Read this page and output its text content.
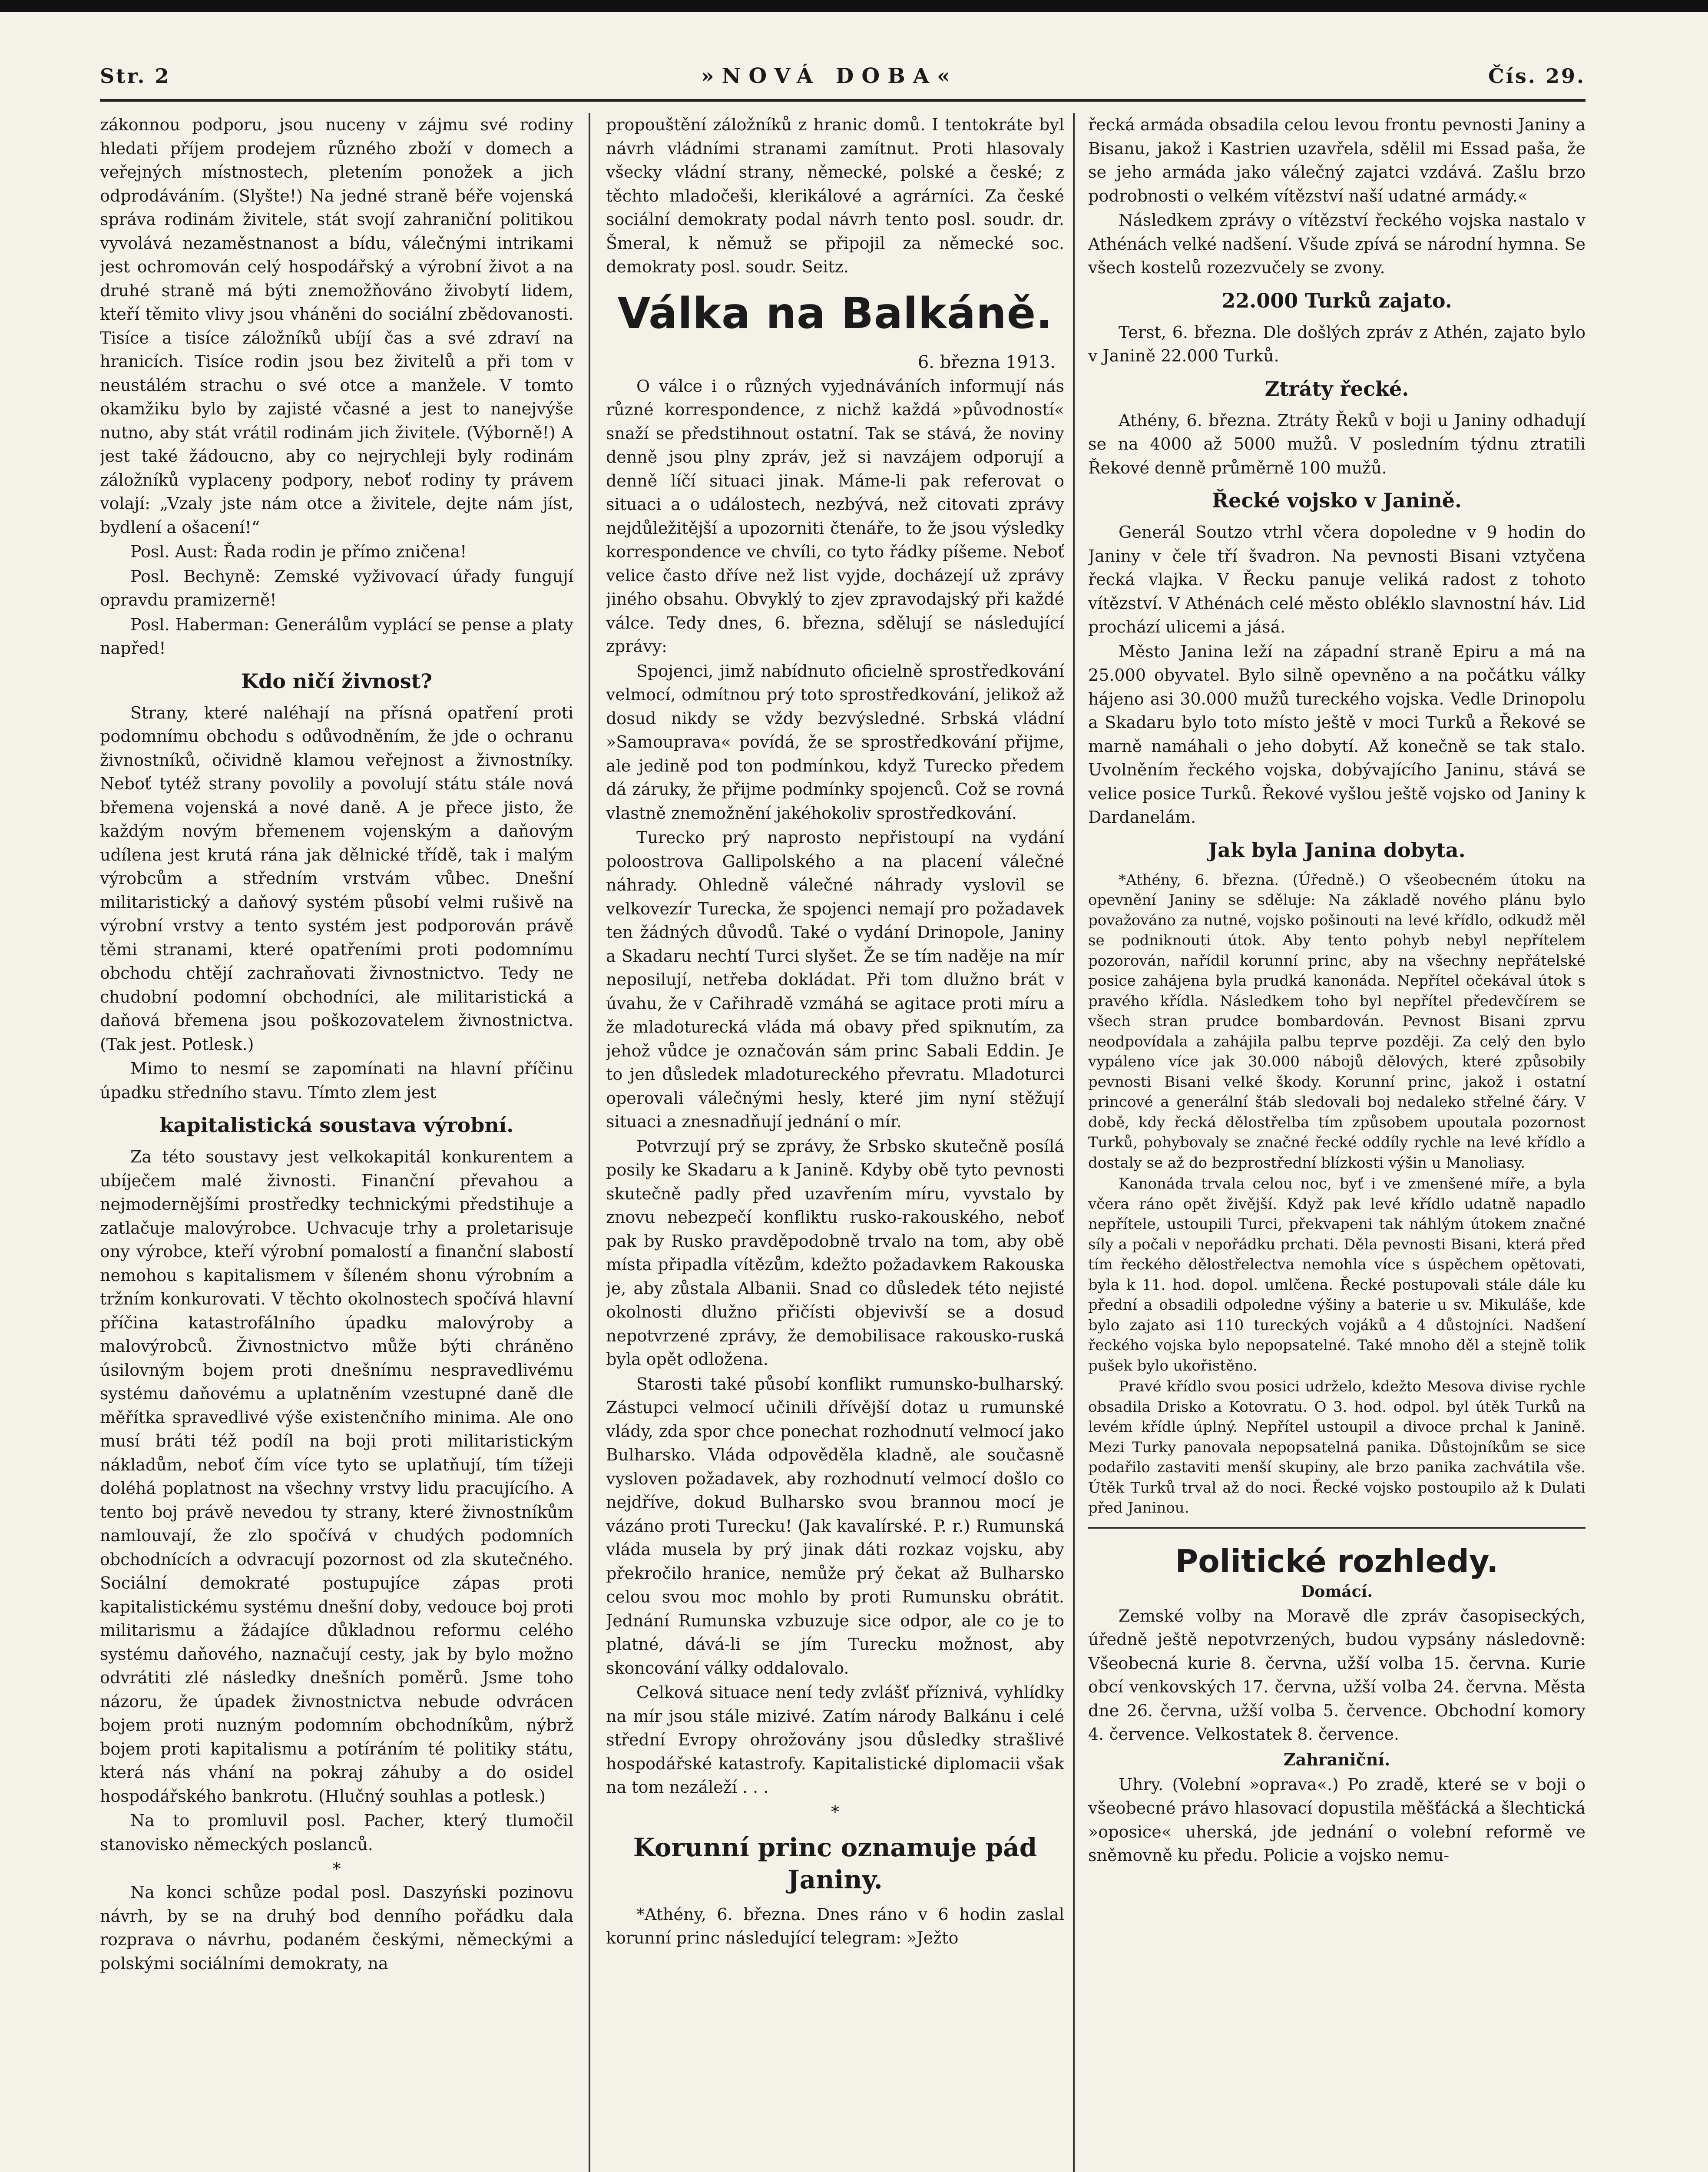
Str. 2	»NOVÁ DOBA«	Čís. 29.

zákonnou podporu, jsou nuceny v zájmu své rodiny hledati příjem prodejem různého zboží v domech a veřejných místnostech, pletením ponožek a jich odprodáváním. (Slyšte!) Na jedné straně béře vojenská správa rodinám živitele, stát svojí zahraniční politikou vyvolává nezaměstnanost a bídu, válečnými intrikami jest ochromován celý hospodářský a výrobní život a na druhé straně má býti znemožňováno živobytí lidem, kteří těmito vlivy jsou vháněni do sociální zbědovanosti. Tisíce a tisíce záložníků ubíjí čas a své zdraví na hranicích. Tisíce rodin jsou bez živitelů a při tom v neustálém strachu o své otce a manžele. V tomto okamžiku bylo by zajisté včasné a jest to nanejvýše nutno, aby stát vrátil rodinám jich živitele. (Výborně!) A jest také žádoucno, aby co nejrychleji byly rodinám záložníků vyplaceny podpory, neboť rodiny ty právem volají: „Vzaly jste nám otce a živitele, dejte nám jíst, bydlení a ošacení!“

Posl. Aust: Řada rodin je přímo zničena!

Posl. Bechyně: Zemské vyživovací úřady fungují opravdu pramizerně!

Posl. Haberman: Generálům vyplácí se pense a platy napřed!

Kdo ničí živnost?

Strany, které naléhají na přísná opatření proti podomnímu obchodu s odůvodněním, že jde o ochranu živnostníků, očividně klamou veřejnost a živnostníky. Neboť tytéž strany povolily a povolují státu stále nová břemena vojenská a nové daně. A je přece jisto, že každým novým břemenem vojenským a daňovým udílena jest krutá rána jak dělnické třídě, tak i malým výrobcům a středním vrstvám vůbec. Dnešní militaristický a daňový systém působí velmi rušivě na výrobní vrstvy a tento systém jest podporován právě těmi stranami, které opatřeními proti podomnímu obchodu chtějí zachraňovati živnostnictvo. Tedy ne chudobní podomní obchodníci, ale militaristická a daňová břemena jsou poškozovatelem živnostnictva. (Tak jest. Potlesk.)

Mimo to nesmí se zapomínati na hlavní příčinu úpadku středního stavu. Tímto zlem jest

kapitalistická soustava výrobní.

Za této soustavy jest velkokapitál konkurentem a ubíječem malé živnosti. Finanční převahou a nejmodernějšími prostředky technickými předstihuje a zatlačuje malovýrobce. Uchvacuje trhy a proletarisuje ony výrobce, kteří výrobní pomalostí a finanční slabostí nemohou s kapitalismem v šíleném shonu výrobním a tržním konkurovati. V těchto okolnostech spočívá hlavní příčina katastrofálního úpadku malovýroby a malovýrobců. Živnostnictvo může býti chráněno úsilovným bojem proti dnešnímu nespravedlivému systému daňovému a uplatněním vzestupné daně dle měřítka spravedlivé výše existenčního minima. Ale ono musí bráti též podíl na boji proti militaristickým nákladům, neboť čím více tyto se uplatňují, tím tížeji doléhá poplatnost na všechny vrstvy lidu pracujícího. A tento boj právě nevedou ty strany, které živnostníkům namlouvají, že zlo spočívá v chudých podomních obchodnících a odvracují pozornost od zla skutečného. Sociální demokraté postupujíce zápas proti kapitalistickému systému dnešní doby, vedouce boj proti militarismu a žádajíce důkladnou reformu celého systému daňového, naznačují cesty, jak by bylo možno odvrátiti zlé následky dnešních poměrů. Jsme toho názoru, že úpadek živnostnictva nebude odvrácen bojem proti nuzným podomním obchodníkům, nýbrž bojem proti kapitalismu a potíráním té politiky státu, která nás vhání na pokraj záhuby a do osidel hospodářského bankrotu. (Hlučný souhlas a potlesk.)

Na to promluvil posl. Pacher, který tlumočil stanovisko německých poslanců.

*

Na konci schůze podal posl. Daszyński pozinovu návrh, by se na druhý bod denního pořádku dala rozprava o návrhu, podaném českými, německými a polskými sociálními demokraty, na

propouštění záložníků z hranic domů. I tentokráte byl návrh vládními stranami zamítnut. Proti hlasovaly všecky vládní strany, německé, polské a české; z těchto mladočeši, klerikálové a agrárníci. Za české sociální demokraty podal návrh tento posl. soudr. dr. Šmeral, k němuž se připojil za německé soc. demokraty posl. soudr. Seitz.

Válka na Balkáně.
6. března 1913.

O válce i o různých vyjednáváních informují nás různé korrespondence, z nichž každá »původností« snaží se předstihnout ostatní. Tak se stává, že noviny denně jsou plny zpráv, jež si navzájem odporují a denně líčí situaci jinak. Máme-li pak referovat o situaci a o událostech, nezbývá, než citovati zprávy nejdůležitější a upozorniti čtenáře, to že jsou výsledky korrespondence ve chvíli, co tyto řádky píšeme. Neboť velice často dříve než list vyjde, docházejí už zprávy jiného obsahu. Obvyklý to zjev zpravodajský při každé válce. Tedy dnes, 6. března, sdělují se následující zprávy:

Spojenci, jimž nabídnuto oficielně sprostředkování velmocí, odmítnou prý toto sprostředkování, jelikož až dosud nikdy se vždy bezvýsledné. Srbská vládní »Samouprava« povídá, že se sprostředkování přijme, ale jedině pod ton podmínkou, když Turecko předem dá záruky, že přijme podmínky spojenců. Což se rovná vlastně znemožnění jakéhokoliv sprostředkování.

Turecko prý naprosto nepřistoupí na vydání poloostrova Gallipolského a na placení válečné náhrady. Ohledně válečné náhrady vyslovil se velkovezír Turecka, že spojenci nemají pro požadavek ten žádných důvodů. Také o vydání Drinopole, Janiny a Skadaru nechtí Turci slyšet. Že se tím naděje na mír neposilují, netřeba dokládat. Při tom dlužno brát v úvahu, že v Cařihradě vzmáhá se agitace proti míru a že mladoturecká vláda má obavy před spiknutím, za jehož vůdce je označován sám princ Sabali Eddin. Je to jen důsledek mladotureckého převratu. Mladoturci operovali válečnými hesly, které jim nyní stěžují situaci a znesnadňují jednání o mír.

Potvrzují prý se zprávy, že Srbsko skutečně posílá posily ke Skadaru a k Janině. Kdyby obě tyto pevnosti skutečně padly před uzavřením míru, vyvstalo by znovu nebezpečí konfliktu rusko-rakouského, neboť pak by Rusko pravděpodobně trvalo na tom, aby obě místa připadla vítězům, kdežto požadavkem Rakouska je, aby zůstala Albanii. Snad co důsledek této nejisté okolnosti dlužno přičísti objevivší se a dosud nepotvrzené zprávy, že demobilisace rakousko-ruská byla opět odložena.

Starosti také působí konflikt rumunsko-bulharský. Zástupci velmocí učinili dřívější dotaz u rumunské vlády, zda spor chce ponechat rozhodnutí velmocí jako Bulharsko. Vláda odpověděla kladně, ale současně vysloven požadavek, aby rozhodnutí velmocí došlo co nejdříve, dokud Bulharsko svou brannou mocí je vázáno proti Turecku! (Jak kavalírské. P. r.) Rumunská vláda musela by prý jinak dáti rozkaz vojsku, aby překročilo hranice, nemůže prý čekat až Bulharsko celou svou moc mohlo by proti Rumunsku obrátit. Jednání Rumunska vzbuzuje sice odpor, ale co je to platné, dává-li se jím Turecku možnost, aby skoncování války oddalovalo.

Celková situace není tedy zvlášť příznivá, vyhlídky na mír jsou stále mizivé. Zatím národy Balkánu i celé střední Evropy ohrožovány jsou důsledky strašlivé hospodářské katastrofy. Kapitalistické diplomacii však na tom nezáleží . . .

*
Korunní princ oznamuje pád Janiny.

*Athény, 6. března. Dnes ráno v 6 hodin zaslal korunní princ následující telegram: »Ježto

řecká armáda obsadila celou levou frontu pevnosti Janiny a Bisanu, jakož i Kastrien uzavřela, sdělil mi Essad paša, že se jeho armáda jako válečný zajatci vzdává. Zašlu brzo podrobnosti o velkém vítězství naší udatné armády.«

Následkem zprávy o vítězství řeckého vojska nastalo v Athénách velké nadšení. Všude zpívá se národní hymna. Se všech kostelů rozezvučely se zvony.

22.000 Turků zajato.

Terst, 6. března. Dle došlých zpráv z Athén, zajato bylo v Janině 22.000 Turků.

Ztráty řecké.

Athény, 6. března. Ztráty Řeků v boji u Janiny odhadují se na 4000 až 5000 mužů. V posledním týdnu ztratili Řekové denně průměrně 100 mužů.

Řecké vojsko v Janině.

Generál Soutzo vtrhl včera dopoledne v 9 hodin do Janiny v čele tří švadron. Na pevnosti Bisani vztyčena řecká vlajka. V Řecku panuje veliká radost z tohoto vítězství. V Athénách celé město obléklo slavnostní háv. Lid prochází ulicemi a jásá.

Město Janina leží na západní straně Epiru a má na 25.000 obyvatel. Bylo silně opevněno a na počátku války hájeno asi 30.000 mužů tureckého vojska. Vedle Drinopolu a Skadaru bylo toto místo ještě v moci Turků a Řekové se marně namáhali o jeho dobytí. Až konečně se tak stalo. Uvolněním řeckého vojska, dobývajícího Janinu, stává se velice posice Turků. Řekové vyšlou ještě vojsko od Janiny k Dardanelám.

Jak byla Janina dobyta.

*Athény, 6. března. (Úředně.) O všeobecném útoku na opevnění Janiny se sděluje: Na základě nového plánu bylo považováno za nutné, vojsko pošinouti na levé křídlo, odkudž měl se podniknouti útok. Aby tento pohyb nebyl nepřítelem pozorován, nařídil korunní princ, aby na všechny nepřátelské posice zahájena byla prudká kanonáda. Nepřítel očekával útok s pravého křídla. Následkem toho byl nepřítel předevčírem se všech stran prudce bombardován. Pevnost Bisani zprvu neodpovídala a zahájila palbu teprve později. Za celý den bylo vypáleno více jak 30.000 nábojů dělových, které způsobily pevnosti Bisani velké škody. Korunní princ, jakož i ostatní princové a generální štáb sledovali boj nedaleko střelné čáry. V době, kdy řecká dělostřelba tím způsobem upoutala pozornost Turků, pohybovaly se značné řecké oddíly rychle na levé křídlo a dostaly se až do bezprostřední blízkosti výšin u Manoliasy.

Kanonáda trvala celou noc, byť i ve zmenšené míře, a byla včera ráno opět živější. Když pak levé křídlo udatně napadlo nepřítele, ustoupili Turci, překvapeni tak náhlým útokem značné síly a počali v nepořádku prchati. Děla pevnosti Bisani, která před tím řeckého dělostřelectva nemohla více s úspěchem opětovati, byla k 11. hod. dopol. umlčena. Řecké postupovali stále dále ku přední a obsadili odpoledne výšiny a baterie u sv. Mikuláše, kde bylo zajato asi 110 tureckých vojáků a 4 důstojníci. Nadšení řeckého vojska bylo nepopsatelné. Také mnoho děl a stejně tolik pušek bylo ukořistěno.

Pravé křídlo svou posici udrželo, kdežto Mesova divise rychle obsadila Drisko a Kotovratu. O 3. hod. odpol. byl útěk Turků na levém křídle úplný. Nepřítel ustoupil a divoce prchal k Janině. Mezi Turky panovala nepopsatelná panika. Důstojníkům se sice podařilo zastaviti menší skupiny, ale brzo panika zachvátila vše. Útěk Turků trval až do noci. Řecké vojsko postoupilo až k Dulati před Janinou.

Politické rozhledy.
Domácí.

Zemské volby na Moravě dle zpráv časopiseckých, úředně ještě nepotvrzených, budou vypsány následovně: Všeobecná kurie 8. června, užší volba 15. června. Kurie obcí venkovských 17. června, užší volba 24. června. Města dne 26. června, užší volba 5. července. Obchodní komory 4. července. Velkostatek 8. července.

Zahraniční.

Uhry. (Volební »oprava«.) Po zradě, které se v boji o všeobecné právo hlasovací dopustila měšťácká a šlechtická »oposice« uherská, jde jednání o volební reformě ve sněmovně ku předu. Policie a vojsko nemu-
